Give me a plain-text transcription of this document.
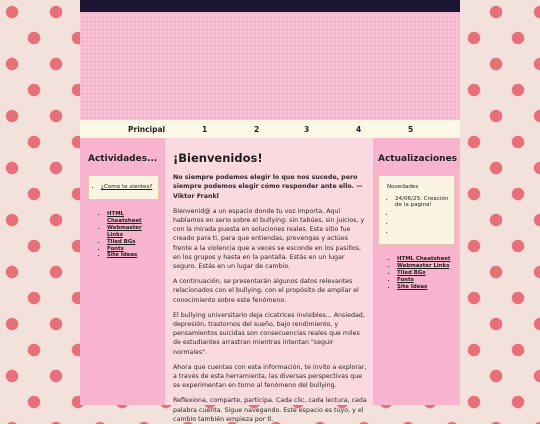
Principal	1	2	3	4	5
Actividades...
• ¿Como te sientes?
• HTML Cheatsheet
• Webmaster Links
• Tiled BGs
• Fonts
• Site Ideas
¡Bienvenidos!

No siempre podemos elegir lo que nos sucede, pero siempre podemos elegir cómo responder ante ello. — Viktor Frankl

Bienvenid@ a un espacio donde tu voz importa. Aquí hablamos en serio sobre el bullying: sin tabúes, sin juicios, y con la mirada puesta en soluciones reales. Este sitio fue creado para ti, para que entiendas, prevengas y actúes frente a la violencia que a veces se esconde en los pasillos, en los grupos y hasta en la pantalla. Estás en un lugar seguro. Estás en un lugar de cambio.

A continuación, se presentarán algunos datos relevantes relacionados con el bullying, con el propósito de ampliar el conocimiento sobre este fenómeno.

El bullying universitario deja cicatrices invisibles... Ansiedad, depresión, trastornos del sueño, bajo rendimiento, y pensamientos suicidas son consecuencias reales que miles de estudiantes arrastran mientras intentan "seguir normales".

Ahora que cuentas con esta información, te invito a explorar, a través de esta herramienta, las diversas perspectivas que se experimentan en torno al fenómeno del bullying.

Reflexiona, comparte, participa. Cada clic, cada lectura, cada palabra cuenta. Sigue navegando. Este espacio es tuyo, y el cambio también empieza por ti.

Actualizaciones
Novedades
• 24/06/25: Creación de la pagina!
•
•
•
• HTML Cheatsheet
• Webmaster Links
• Tiled BGs
• Fonts
• Site Ideas
